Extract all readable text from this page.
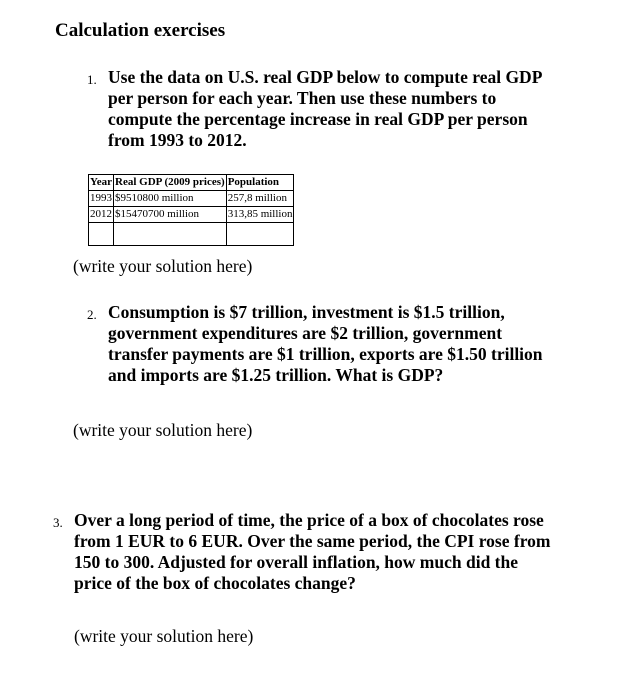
Calculation exercises
1. Use the data on U.S. real GDP below to compute real GDP per person for each year. Then use these numbers to compute the percentage increase in real GDP per person from 1993 to 2012.
Year	Real GDP (2009 prices)	Population
1993	$9510800 million	257,8 million
2012	$15470700 million	313,85 million

(write your solution here)

2. Consumption is $7 trillion, investment is $1.5 trillion, government expenditures are $2 trillion, government transfer payments are $1 trillion, exports are $1.50 trillion and imports are $1.25 trillion. What is GDP?

(write your solution here)

3. Over a long period of time, the price of a box of chocolates rose from 1 EUR to 6 EUR. Over the same period, the CPI rose from 150 to 300. Adjusted for overall inflation, how much did the price of the box of chocolates change?

(write your solution here)
